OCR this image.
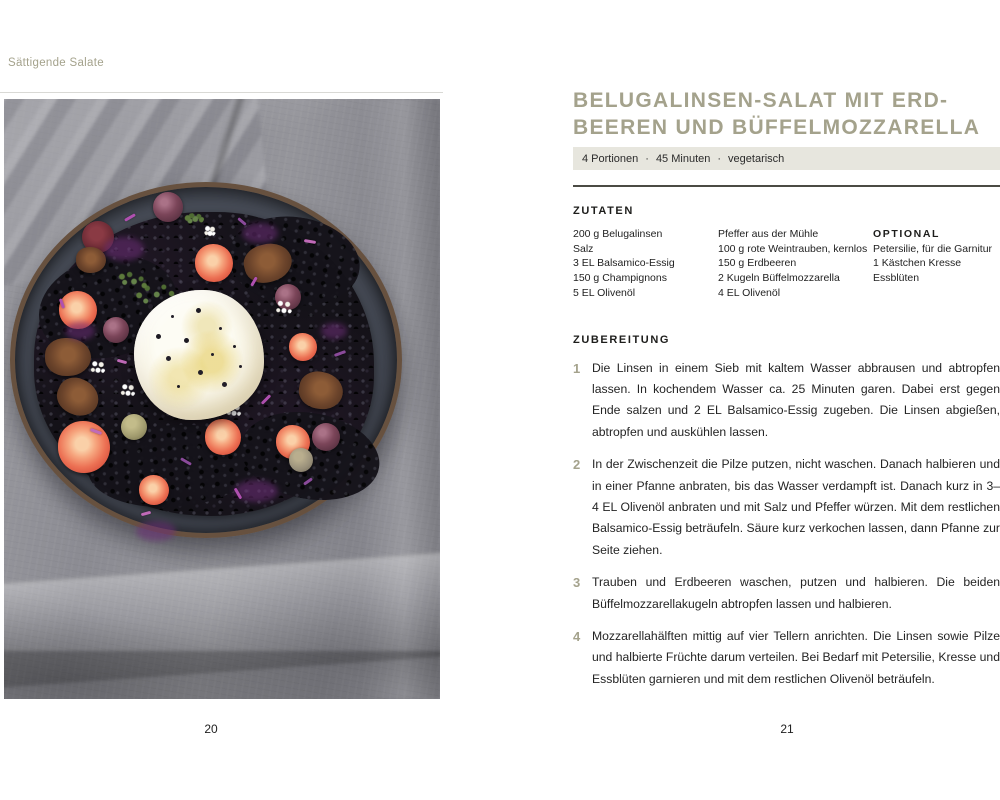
Sättigende Salate
20
BELUGALINSEN-SALAT MIT ERD-
BEEREN UND BÜFFELMOZZARELLA
4 Portionen · 45 Minuten · vegetarisch
ZUTATEN
200 g Belugalinsen
Salz
3 EL Balsamico-Essig
150 g Champignons
5 EL Olivenöl
Pfeffer aus der Mühle
100 g rote Weintrauben, kernlos
150 g Erdbeeren
2 Kugeln Büffelmozzarella
4 EL Olivenöl
OPTIONAL
Petersilie, für die Garnitur
1 Kästchen Kresse
Essblüten
ZUBEREITUNG
1 Die Linsen in einem Sieb mit kaltem Wasser abbrausen und abtropfen lassen. In kochendem Wasser ca. 25 Minuten garen. Dabei erst gegen Ende salzen und 2 EL Balsamico-Essig zugeben. Die Linsen abgießen, abtropfen und auskühlen lassen.
2 In der Zwischenzeit die Pilze putzen, nicht waschen. Danach halbieren und in einer Pfanne anbraten, bis das Wasser verdampft ist. Danach kurz in 3–4 EL Olivenöl anbraten und mit Salz und Pfeffer würzen. Mit dem restlichen Balsamico-Essig beträufeln. Säure kurz verkochen lassen, dann Pfanne zur Seite ziehen.
3 Trauben und Erdbeeren waschen, putzen und halbieren. Die beiden Büffelmozzarellakugeln abtropfen lassen und halbieren.
4 Mozzarellahälften mittig auf vier Tellern anrichten. Die Linsen sowie Pilze und halbierte Früchte darum verteilen. Bei Bedarf mit Petersilie, Kresse und Essblüten garnieren und mit dem restlichen Olivenöl beträufeln.
21
